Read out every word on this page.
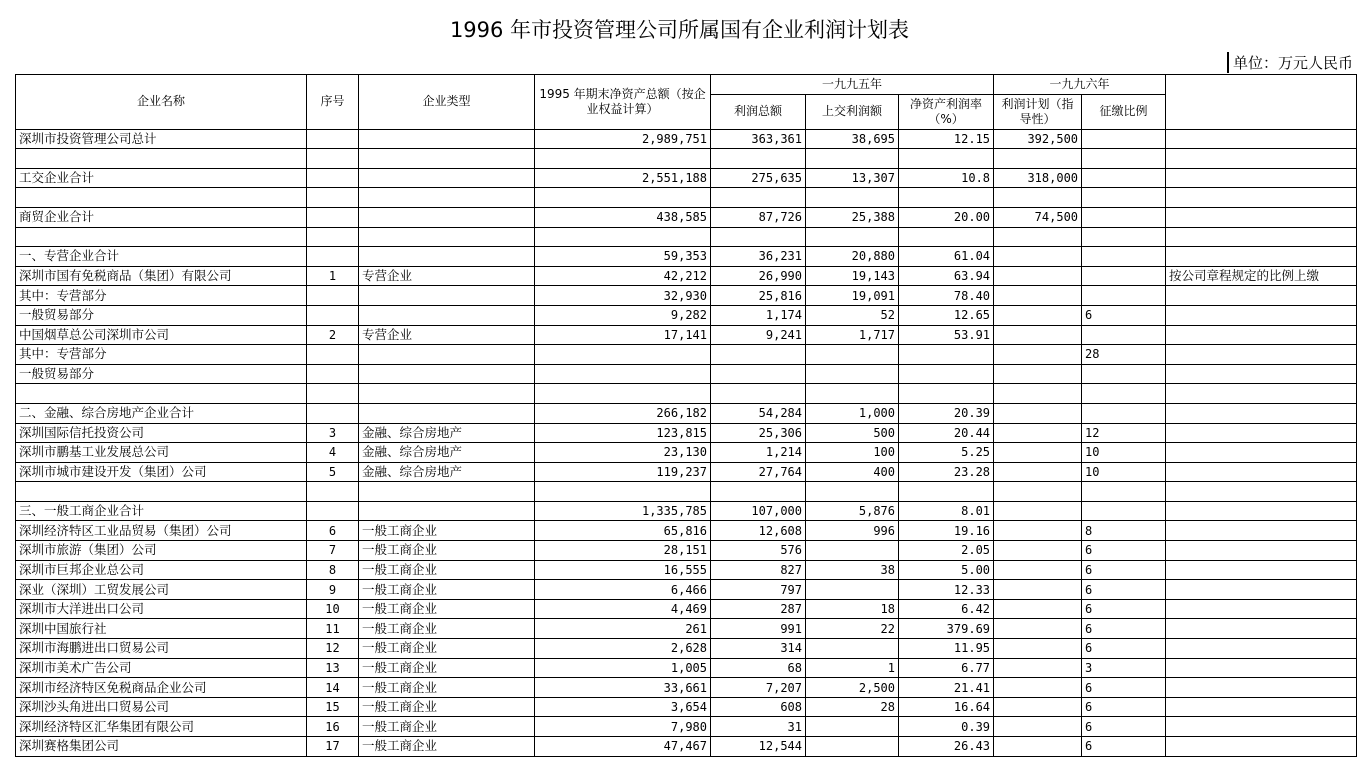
1996 年市投资管理公司所属国有企业利润计划表
单位：万元人民币
企业名称	序号	企业类型	1995 年期末净资产总额（按企业权益计算）	一九九五年			一九九六年		
				利润总额	上交利润额	净资产利润率（%）	利润计划（指导性）	征缴比例	
深圳市投资管理公司总计			2,989,751	363,361	38,695	12.15	392,500		

工交企业合计			2,551,188	275,635	13,307	10.8	318,000		

商贸企业合计			438,585	87,726	25,388	20.00	74,500		

一、专营企业合计			59,353	36,231	20,880	61.04			
深圳市国有免税商品（集团）有限公司	1	专营企业	42,212	26,990	19,143	63.94			按公司章程规定的比例上缴
其中：专营部分			32,930	25,816	19,091	78.40			
一般贸易部分			9,282	1,174	52	12.65		6	
中国烟草总公司深圳市公司	2	专营企业	17,141	9,241	1,717	53.91			
其中：专营部分								28	
一般贸易部分									

二、金融、综合房地产企业合计			266,182	54,284	1,000	20.39			
深圳国际信托投资公司	3	金融、综合房地产	123,815	25,306	500	20.44		12	
深圳市鹏基工业发展总公司	4	金融、综合房地产	23,130	1,214	100	5.25		10	
深圳市城市建设开发（集团）公司	5	金融、综合房地产	119,237	27,764	400	23.28		10	

三、一般工商企业合计			1,335,785	107,000	5,876	8.01			
深圳经济特区工业品贸易（集团）公司	6	一般工商企业	65,816	12,608	996	19.16		8	
深圳市旅游（集团）公司	7	一般工商企业	28,151	576		2.05		6	
深圳市巨邦企业总公司	8	一般工商企业	16,555	827	38	5.00		6	
深业（深圳）工贸发展公司	9	一般工商企业	6,466	797		12.33		6	
深圳市大洋进出口公司	10	一般工商企业	4,469	287	18	6.42		6	
深圳中国旅行社	11	一般工商企业	261	991	22	379.69		6	
深圳市海鹏进出口贸易公司	12	一般工商企业	2,628	314		11.95		6	
深圳市美术广告公司	13	一般工商企业	1,005	68	1	6.77		3	
深圳市经济特区免税商品企业公司	14	一般工商企业	33,661	7,207	2,500	21.41		6	
深圳沙头角进出口贸易公司	15	一般工商企业	3,654	608	28	16.64		6	
深圳经济特区汇华集团有限公司	16	一般工商企业	7,980	31		0.39		6	
深圳赛格集团公司	17	一般工商企业	47,467	12,544		26.43		6	
